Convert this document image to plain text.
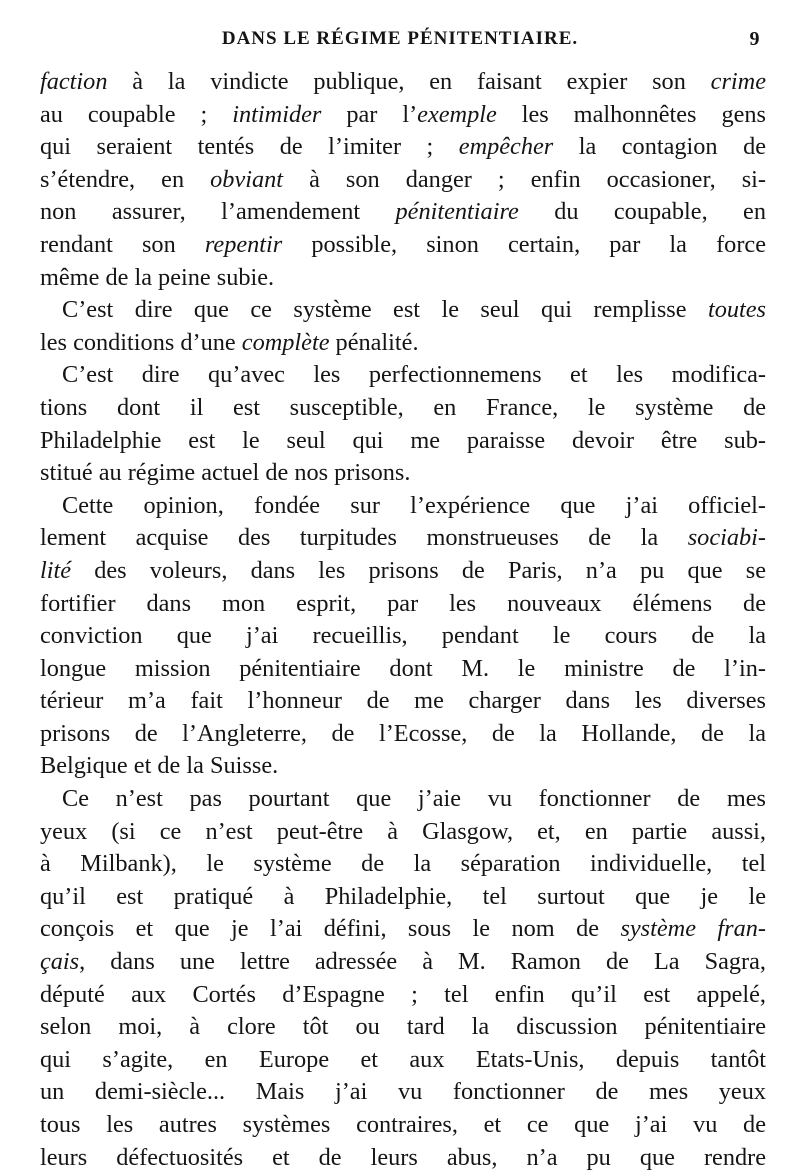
DANS LE RÉGIME PÉNITENTIAIRE.	9
faction à la vindicte publique, en faisant expier son crime
au coupable ; intimider par l’exemple les malhonnêtes gens
qui seraient tentés de l’imiter ; empêcher la contagion de
s’étendre, en obviant à son danger ; enfin occasioner, si-
non assurer, l’amendement pénitentiaire du coupable, en
rendant son repentir possible, sinon certain, par la force
même de la peine subie.
C’est dire que ce système est le seul qui remplisse toutes
les conditions d’une complète pénalité.
C’est dire qu’avec les perfectionnemens et les modifica-
tions dont il est susceptible, en France, le système de
Philadelphie est le seul qui me paraisse devoir être sub-
stitué au régime actuel de nos prisons.
Cette opinion, fondée sur l’expérience que j’ai officiel-
lement acquise des turpitudes monstrueuses de la sociabi-
lité des voleurs, dans les prisons de Paris, n’a pu que se
fortifier dans mon esprit, par les nouveaux élémens de
conviction que j’ai recueillis, pendant le cours de la
longue mission pénitentiaire dont M. le ministre de l’in-
térieur m’a fait l’honneur de me charger dans les diverses
prisons de l’Angleterre, de l’Ecosse, de la Hollande, de la
Belgique et de la Suisse.
Ce n’est pas pourtant que j’aie vu fonctionner de mes
yeux (si ce n’est peut-être à Glasgow, et, en partie aussi,
à Milbank), le système de la séparation individuelle, tel
qu’il est pratiqué à Philadelphie, tel surtout que je le
conçois et que je l’ai défini, sous le nom de système fran-
çais, dans une lettre adressée à M. Ramon de La Sagra,
député aux Cortés d’Espagne ; tel enfin qu’il est appelé,
selon moi, à clore tôt ou tard la discussion pénitentiaire
qui s’agite, en Europe et aux Etats-Unis, depuis tantôt
un demi-siècle... Mais j’ai vu fonctionner de mes yeux
tous les autres systèmes contraires, et ce que j’ai vu de
leurs défectuosités et de leurs abus, n’a pu que rendre
